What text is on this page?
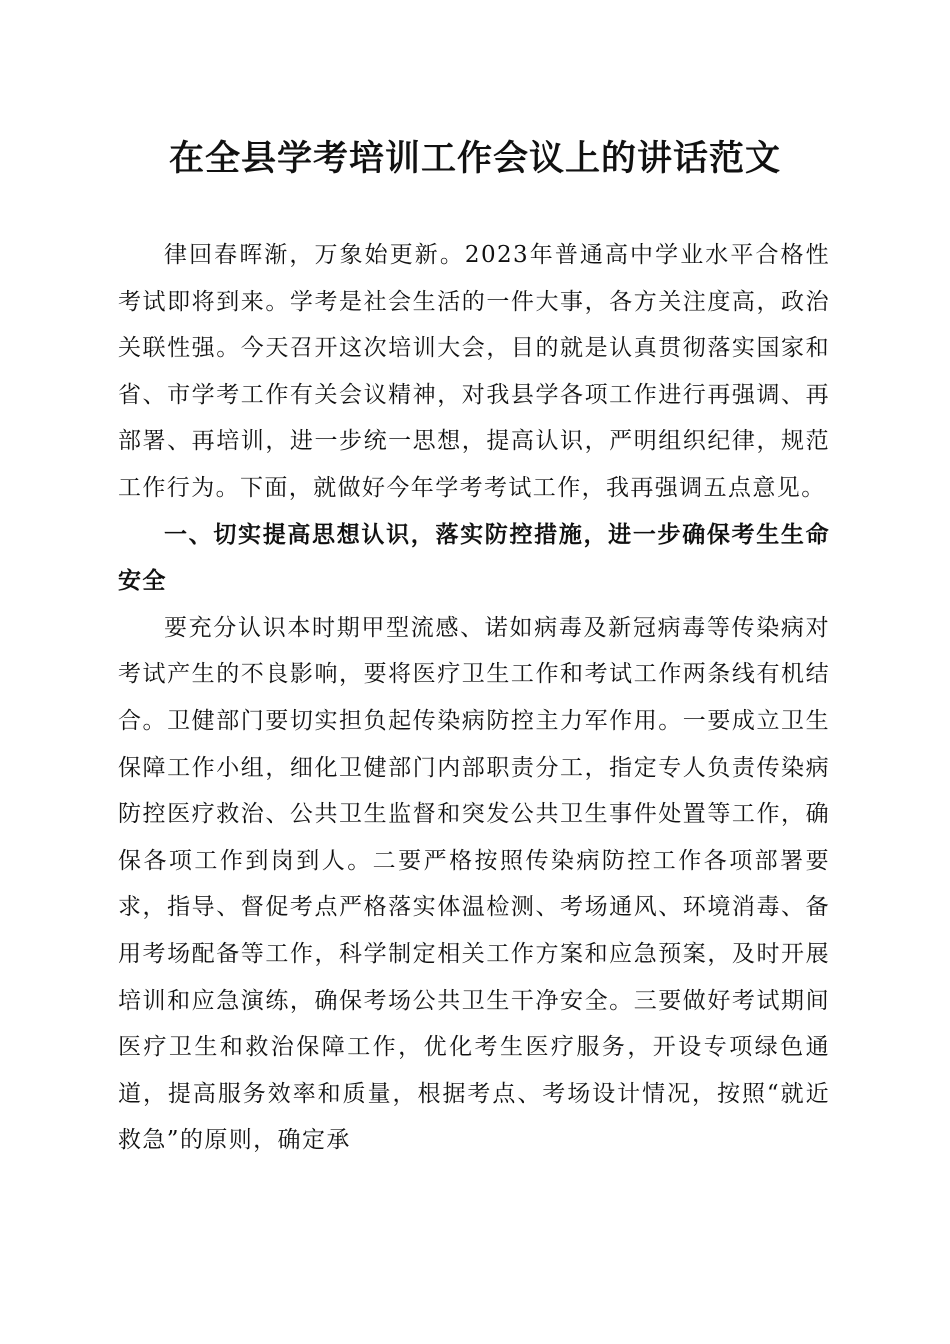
在全县学考培训工作会议上的讲话范文

律回春晖渐，万象始更新。2023年普通高中学业水平合格性考试即将到来。学考是社会生活的一件大事，各方关注度高，政治关联性强。今天召开这次培训大会，目的就是认真贯彻落实国家和省、市学考工作有关会议精神，对我县学各项工作进行再强调、再部署、再培训，进一步统一思想，提高认识，严明组织纪律，规范工作行为。下面，就做好今年学考考试工作，我再强调五点意见。

一、切实提高思想认识，落实防控措施，进一步确保考生生命安全

要充分认识本时期甲型流感、诺如病毒及新冠病毒等传染病对考试产生的不良影响，要将医疗卫生工作和考试工作两条线有机结合。卫健部门要切实担负起传染病防控主力军作用。一要成立卫生保障工作小组，细化卫健部门内部职责分工，指定专人负责传染病防控医疗救治、公共卫生监督和突发公共卫生事件处置等工作，确保各项工作到岗到人。二要严格按照传染病防控工作各项部署要求，指导、督促考点严格落实体温检测、考场通风、环境消毒、备用考场配备等工作，科学制定相关工作方案和应急预案，及时开展培训和应急演练，确保考场公共卫生干净安全。三要做好考试期间医疗卫生和救治保障工作，优化考生医疗服务，开设专项绿色通道，提高服务效率和质量，根据考点、考场设计情况，按照“就近救急”的原则，确定承
